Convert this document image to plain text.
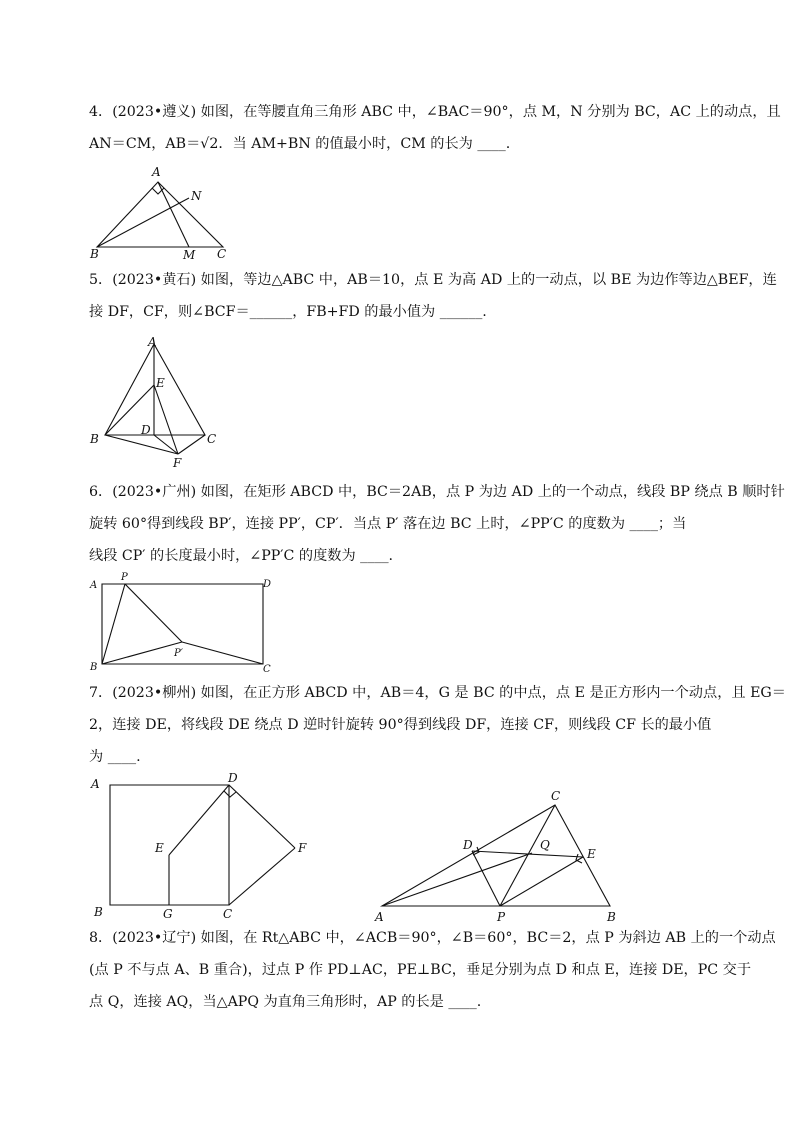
4．(2023•遵义) 如图，在等腰直角三角形 ABC 中，∠BAC＝90°，点 M，N 分别为 BC，AC 上的动点，且
AN＝CM，AB＝√2．当 AM+BN 的值最小时，CM 的长为 ____.
A
N
B	M C
5．(2023•黄石) 如图，等边△ABC 中，AB＝10，点 E 为高 AD 上的一动点，以 BE 为边作等边△BEF，连
接 DF，CF，则∠BCF＝______，FB+FD 的最小值为 ______.
A
E
B
D
C
F
6．(2023•广州) 如图，在矩形 ABCD 中，BC＝2AB，点 P 为边 AD 上的一个动点，线段 BP 绕点 B 顺时针
旋转 60°得到线段 BP′，连接 PP′，CP′．当点 P′ 落在边 BC 上时，∠PP′C 的度数为 ____；当
线段 CP′ 的长度最小时，∠PP′C 的度数为 ____.
A
P
D
P′
B	C
7．(2023•柳州) 如图，在正方形 ABCD 中，AB＝4，G 是 BC 的中点，点 E 是正方形内一个动点，且 EG＝
2，连接 DE，将线段 DE 绕点 D 逆时针旋转 90°得到线段 DF，连接 CF，则线段 CF 长的最小值
为 ____.
A	D
E	F
B	G	C
C
D	Q
E
A	P	B
8．(2023•辽宁) 如图，在 Rt△ABC 中，∠ACB＝90°，∠B＝60°，BC＝2，点 P 为斜边 AB 上的一个动点
(点 P 不与点 A、B 重合)，过点 P 作 PD⊥AC，PE⊥BC，垂足分别为点 D 和点 E，连接 DE，PC 交于
点 Q，连接 AQ，当△APQ 为直角三角形时，AP 的长是 ____.
